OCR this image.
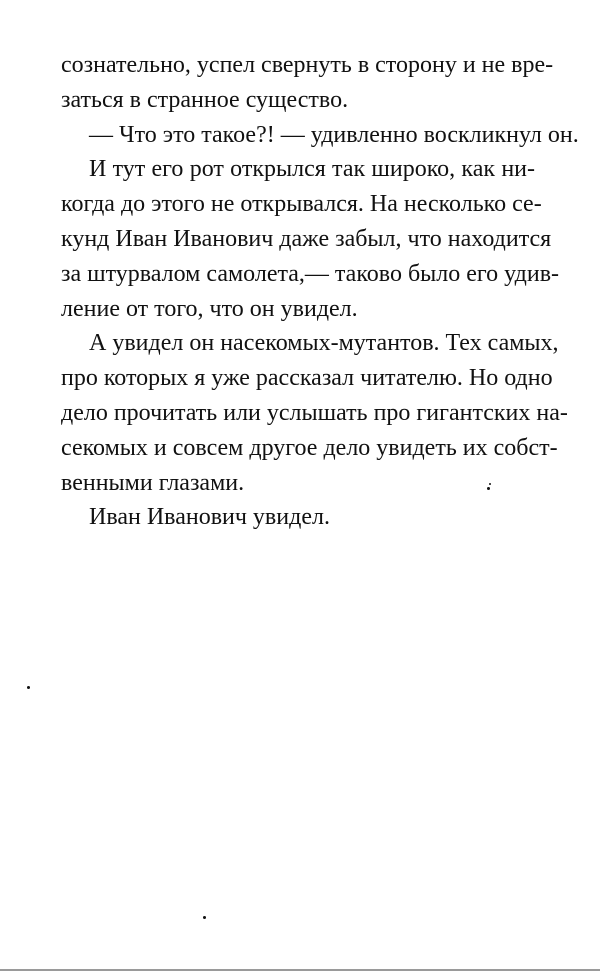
сознательно, успел свернуть в сторону и не вре-
заться в странное существо.
— Что это такое?! — удивленно воскликнул он.
И тут его рот открылся так широко, как ни-
когда до этого не открывался. На несколько се-
кунд Иван Иванович даже забыл, что находится
за штурвалом самолета,— таково было его удив-
ление от того, что он увидел.
А увидел он насекомых-мутантов. Тех самых,
про которых я уже рассказал читателю. Но одно
дело прочитать или услышать про гигантских на-
секомых и совсем другое дело увидеть их собст-
венными глазами.
Иван Иванович увидел.
